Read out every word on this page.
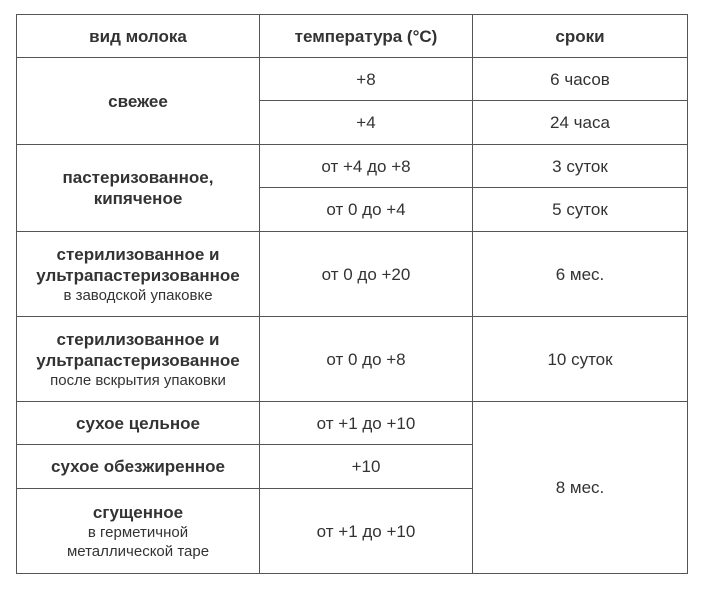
вид молока	температура (°С)	сроки
свежее	+8	6 часов
	+4	24 часа

пастеризованное,
кипяченое	от +4 до +8	3 суток
	от 0 до +4	5 суток

стерилизованное и
ультрапастеризованное
в заводской упаковке	от 0 до +20	6 мес.

стерилизованное и
ультрапастеризованное
после вскрытия упаковки	от 0 до +8	10 суток
сухое цельное	от +1 до +10	8 мес.
сухое обезжиренное	+10	

сгущенное
в герметичной
металлической таре	от +1 до +10	
